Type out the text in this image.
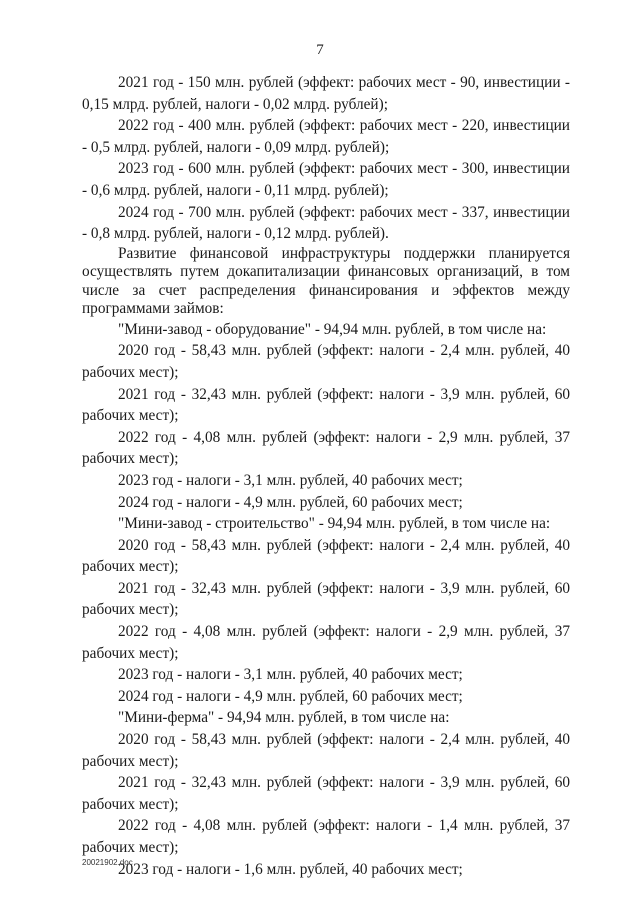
7

2021 год - 150 млн. рублей (эффект: рабочих мест - 90, инвестиции - 0,15 млрд. рублей, налоги - 0,02 млрд. рублей);

2022 год - 400 млн. рублей (эффект: рабочих мест - 220, инвестиции - 0,5 млрд. рублей, налоги - 0,09 млрд. рублей);

2023 год - 600 млн. рублей (эффект: рабочих мест - 300, инвестиции - 0,6 млрд. рублей, налоги - 0,11 млрд. рублей);

2024 год - 700 млн. рублей (эффект: рабочих мест - 337, инвестиции - 0,8 млрд. рублей, налоги - 0,12 млрд. рублей).

Развитие финансовой инфраструктуры поддержки планируется осуществлять путем докапитализации финансовых организаций, в том числе за счет распределения финансирования и эффектов между программами займов:

"Мини-завод - оборудование" - 94,94 млн. рублей, в том числе на:

2020 год - 58,43 млн. рублей (эффект: налоги - 2,4 млн. рублей, 40 рабочих мест);

2021 год - 32,43 млн. рублей (эффект: налоги - 3,9 млн. рублей, 60 рабочих мест);

2022 год - 4,08 млн. рублей (эффект: налоги - 2,9 млн. рублей, 37 рабочих мест);

2023 год - налоги - 3,1 млн. рублей, 40 рабочих мест;

2024 год - налоги - 4,9 млн. рублей, 60 рабочих мест;

"Мини-завод - строительство" - 94,94 млн. рублей, в том числе на:

2020 год - 58,43 млн. рублей (эффект: налоги - 2,4 млн. рублей, 40 рабочих мест);

2021 год - 32,43 млн. рублей (эффект: налоги - 3,9 млн. рублей, 60 рабочих мест);

2022 год - 4,08 млн. рублей (эффект: налоги - 2,9 млн. рублей, 37 рабочих мест);

2023 год - налоги - 3,1 млн. рублей, 40 рабочих мест;

2024 год - налоги - 4,9 млн. рублей, 60 рабочих мест;

"Мини-ферма" - 94,94 млн. рублей, в том числе на:

2020 год - 58,43 млн. рублей (эффект: налоги - 2,4 млн. рублей, 40 рабочих мест);

2021 год - 32,43 млн. рублей (эффект: налоги - 3,9 млн. рублей, 60 рабочих мест);

2022 год - 4,08 млн. рублей (эффект: налоги - 1,4 млн. рублей, 37 рабочих мест);

2023 год - налоги - 1,6 млн. рублей, 40 рабочих мест;

20021902.doc
